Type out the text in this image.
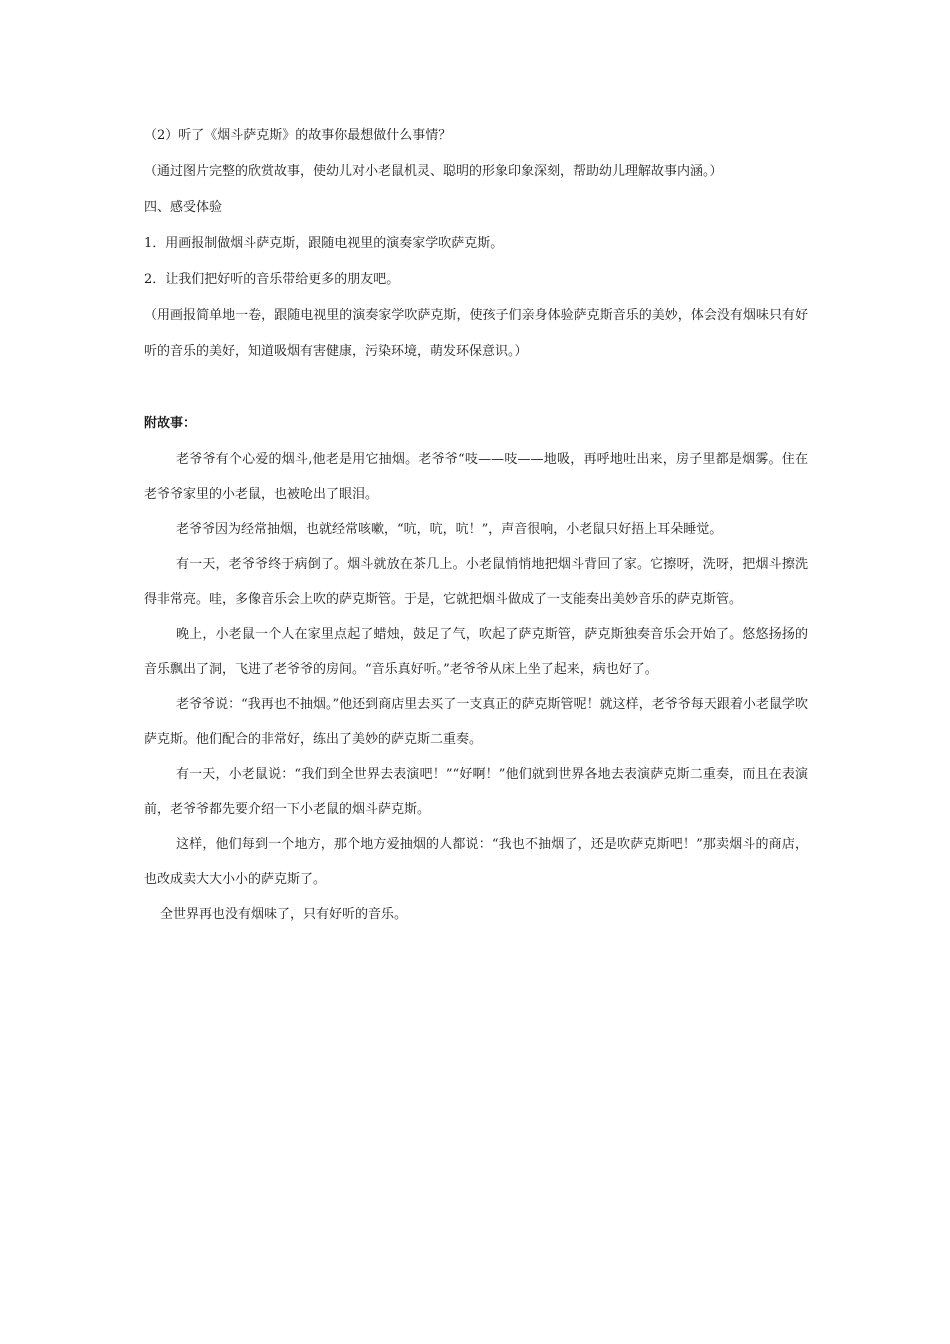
（2）听了《烟斗萨克斯》的故事你最想做什么事情？

（通过图片完整的欣赏故事，使幼儿对小老鼠机灵、聪明的形象印象深刻，帮助幼儿理解故事内涵。）

四、感受体验

1．用画报制做烟斗萨克斯，跟随电视里的演奏家学吹萨克斯。

2．让我们把好听的音乐带给更多的朋友吧。

（用画报简单地一卷，跟随电视里的演奏家学吹萨克斯，使孩子们亲身体验萨克斯音乐的美妙，体会没有烟味只有好听的音乐的美好，知道吸烟有害健康，污染环境，萌发环保意识。）

附故事：

老爷爷有个心爱的烟斗,他老是用它抽烟。老爷爷“吱——吱——地吸，再呼地吐出来，房子里都是烟雾。住在老爷爷家里的小老鼠，也被呛出了眼泪。

老爷爷因为经常抽烟，也就经常咳嗽，“吭，吭，吭！”，声音很响，小老鼠只好捂上耳朵睡觉。

有一天，老爷爷终于病倒了。烟斗就放在茶几上。小老鼠悄悄地把烟斗背回了家。它擦呀，洗呀，把烟斗擦洗得非常亮。哇，多像音乐会上吹的萨克斯管。于是，它就把烟斗做成了一支能奏出美妙音乐的萨克斯管。

晚上，小老鼠一个人在家里点起了蜡烛，鼓足了气，吹起了萨克斯管，萨克斯独奏音乐会开始了。悠悠扬扬的音乐飘出了洞，飞进了老爷爷的房间。“音乐真好听。”老爷爷从床上坐了起来，病也好了。

老爷爷说：“我再也不抽烟。”他还到商店里去买了一支真正的萨克斯管呢！就这样，老爷爷每天跟着小老鼠学吹萨克斯。他们配合的非常好，练出了美妙的萨克斯二重奏。

有一天，小老鼠说：“我们到全世界去表演吧！”“好啊！”他们就到世界各地去表演萨克斯二重奏，而且在表演前，老爷爷都先要介绍一下小老鼠的烟斗萨克斯。

这样，他们每到一个地方，那个地方爱抽烟的人都说：“我也不抽烟了，还是吹萨克斯吧！”那卖烟斗的商店，也改成卖大大小小的萨克斯了。

全世界再也没有烟味了，只有好听的音乐。
